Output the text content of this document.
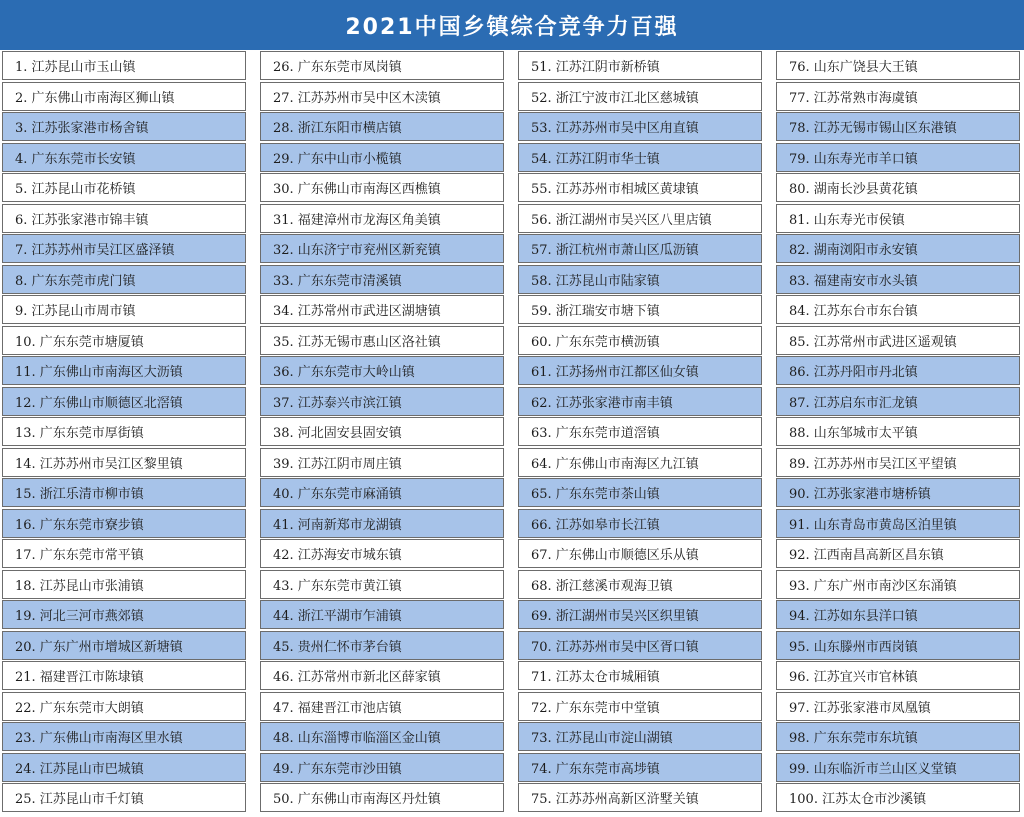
2021中国乡镇综合竞争力百强
1. 江苏昆山市玉山镇
2. 广东佛山市南海区狮山镇
3. 江苏张家港市杨舍镇
4. 广东东莞市长安镇
5. 江苏昆山市花桥镇
6. 江苏张家港市锦丰镇
7. 江苏苏州市吴江区盛泽镇
8. 广东东莞市虎门镇
9. 江苏昆山市周市镇
10. 广东东莞市塘厦镇
11. 广东佛山市南海区大沥镇
12. 广东佛山市顺德区北滘镇
13. 广东东莞市厚街镇
14. 江苏苏州市吴江区黎里镇
15. 浙江乐清市柳市镇
16. 广东东莞市寮步镇
17. 广东东莞市常平镇
18. 江苏昆山市张浦镇
19. 河北三河市燕郊镇
20. 广东广州市增城区新塘镇
21. 福建晋江市陈埭镇
22. 广东东莞市大朗镇
23. 广东佛山市南海区里水镇
24. 江苏昆山市巴城镇
25. 江苏昆山市千灯镇
26. 广东东莞市凤岗镇
27. 江苏苏州市吴中区木渎镇
28. 浙江东阳市横店镇
29. 广东中山市小榄镇
30. 广东佛山市南海区西樵镇
31. 福建漳州市龙海区角美镇
32. 山东济宁市兖州区新兖镇
33. 广东东莞市清溪镇
34. 江苏常州市武进区湖塘镇
35. 江苏无锡市惠山区洛社镇
36. 广东东莞市大岭山镇
37. 江苏泰兴市滨江镇
38. 河北固安县固安镇
39. 江苏江阴市周庄镇
40. 广东东莞市麻涌镇
41. 河南新郑市龙湖镇
42. 江苏海安市城东镇
43. 广东东莞市黄江镇
44. 浙江平湖市乍浦镇
45. 贵州仁怀市茅台镇
46. 江苏常州市新北区薛家镇
47. 福建晋江市池店镇
48. 山东淄博市临淄区金山镇
49. 广东东莞市沙田镇
50. 广东佛山市南海区丹灶镇
51. 江苏江阴市新桥镇
52. 浙江宁波市江北区慈城镇
53. 江苏苏州市吴中区甪直镇
54. 江苏江阴市华士镇
55. 江苏苏州市相城区黄埭镇
56. 浙江湖州市吴兴区八里店镇
57. 浙江杭州市萧山区瓜沥镇
58. 江苏昆山市陆家镇
59. 浙江瑞安市塘下镇
60. 广东东莞市横沥镇
61. 江苏扬州市江都区仙女镇
62. 江苏张家港市南丰镇
63. 广东东莞市道滘镇
64. 广东佛山市南海区九江镇
65. 广东东莞市茶山镇
66. 江苏如皋市长江镇
67. 广东佛山市顺德区乐从镇
68. 浙江慈溪市观海卫镇
69. 浙江湖州市吴兴区织里镇
70. 江苏苏州市吴中区胥口镇
71. 江苏太仓市城厢镇
72. 广东东莞市中堂镇
73. 江苏昆山市淀山湖镇
74. 广东东莞市高埗镇
75. 江苏苏州高新区浒墅关镇
76. 山东广饶县大王镇
77. 江苏常熟市海虞镇
78. 江苏无锡市锡山区东港镇
79. 山东寿光市羊口镇
80. 湖南长沙县黄花镇
81. 山东寿光市侯镇
82. 湖南浏阳市永安镇
83. 福建南安市水头镇
84. 江苏东台市东台镇
85. 江苏常州市武进区遥观镇
86. 江苏丹阳市丹北镇
87. 江苏启东市汇龙镇
88. 山东邹城市太平镇
89. 江苏苏州市吴江区平望镇
90. 江苏张家港市塘桥镇
91. 山东青岛市黄岛区泊里镇
92. 江西南昌高新区昌东镇
93. 广东广州市南沙区东涌镇
94. 江苏如东县洋口镇
95. 山东滕州市西岗镇
96. 江苏宜兴市官林镇
97. 江苏张家港市凤凰镇
98. 广东东莞市东坑镇
99. 山东临沂市兰山区义堂镇
100. 江苏太仓市沙溪镇
